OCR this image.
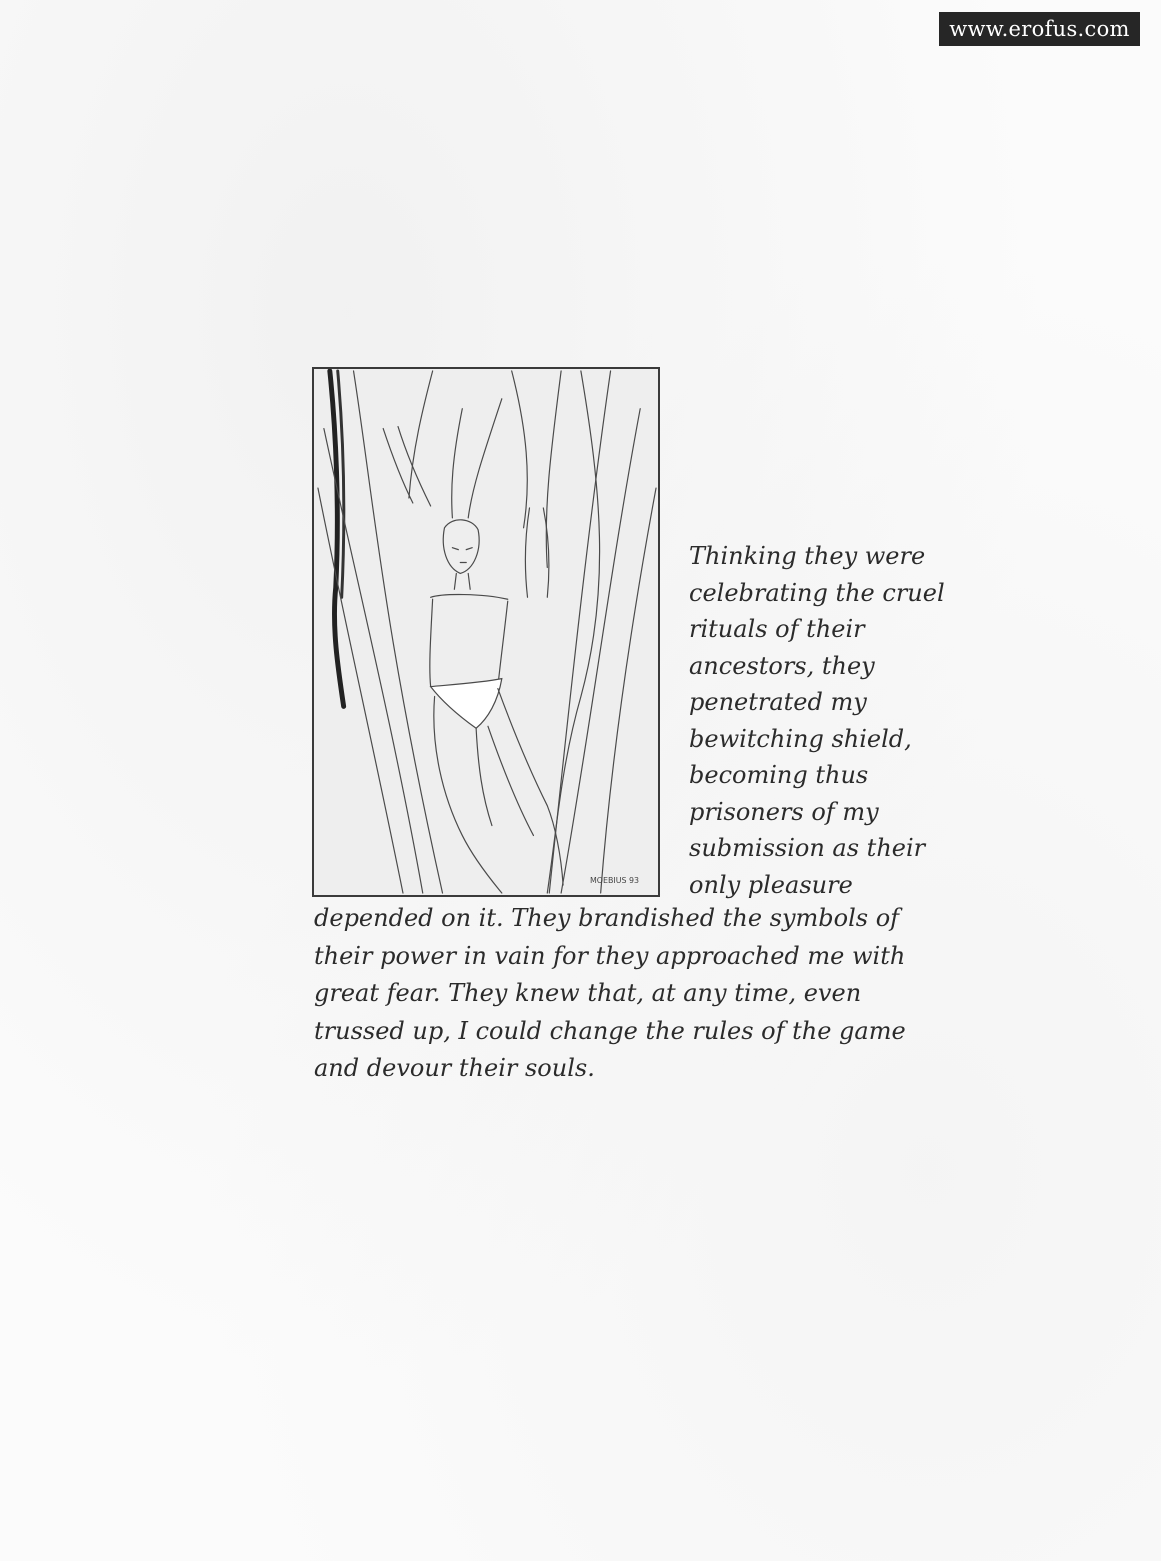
www.erofus.com
MOEBIUS 93

Thinking they were
celebrating the cruel
rituals of their
ancestors, they
penetrated my
bewitching shield,
becoming thus
prisoners of my
submission as their
only pleasure

depended on it. They brandished the symbols of
their power in vain for they approached me with
great fear. They knew that, at any time, even
trussed up, I could change the rules of the game
and devour their souls.
